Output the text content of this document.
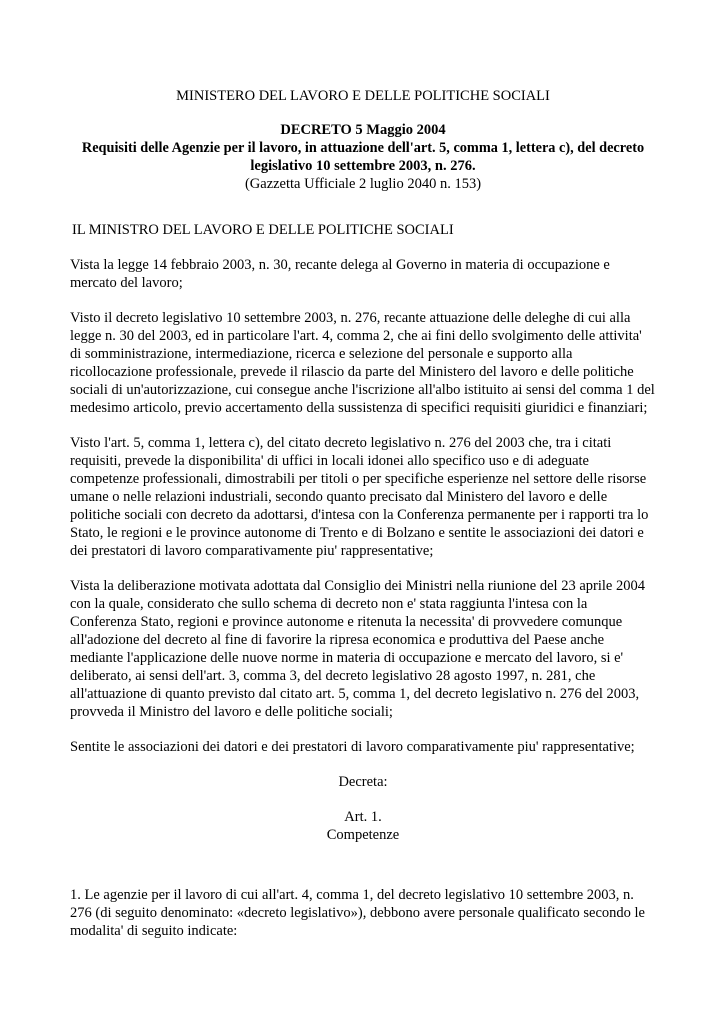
MINISTERO DEL LAVORO E DELLE POLITICHE SOCIALI
DECRETO 5 Maggio 2004
Requisiti delle Agenzie per il lavoro, in attuazione dell'art. 5, comma 1, lettera c), del decreto
legislativo 10 settembre 2003, n. 276.
(Gazzetta Ufficiale 2 luglio 2040 n. 153)

IL MINISTRO DEL LAVORO E DELLE POLITICHE SOCIALI

Vista la legge 14 febbraio 2003, n. 30, recante delega al Governo in materia di occupazione e mercato del lavoro;

Visto il decreto legislativo 10 settembre 2003, n. 276, recante attuazione delle deleghe di cui alla legge n. 30 del 2003, ed in particolare l'art. 4, comma 2, che ai fini dello svolgimento delle attivita' di somministrazione, intermediazione, ricerca e selezione del personale e supporto alla ricollocazione professionale, prevede il rilascio da parte del Ministero del lavoro e delle politiche sociali di un'autorizzazione, cui consegue anche l'iscrizione all'albo istituito ai sensi del comma 1 del medesimo articolo, previo accertamento della sussistenza di specifici requisiti giuridici e finanziari;

Visto l'art. 5, comma 1, lettera c), del citato decreto legislativo n. 276 del 2003 che, tra i citati requisiti, prevede la disponibilita' di uffici in locali idonei allo specifico uso e di adeguate competenze professionali, dimostrabili per titoli o per specifiche esperienze nel settore delle risorse umane o nelle relazioni industriali, secondo quanto precisato dal Ministero del lavoro e delle politiche sociali con decreto da adottarsi, d'intesa con la Conferenza permanente per i rapporti tra lo Stato, le regioni e le province autonome di Trento e di Bolzano e sentite le associazioni dei datori e dei prestatori di lavoro comparativamente piu' rappresentative;

Vista la deliberazione motivata adottata dal Consiglio dei Ministri nella riunione del 23 aprile 2004 con la quale, considerato che sullo schema di decreto non e' stata raggiunta l'intesa con la Conferenza Stato, regioni e province autonome e ritenuta la necessita' di provvedere comunque all'adozione del decreto al fine di favorire la ripresa economica e produttiva del Paese anche mediante l'applicazione delle nuove norme in materia di occupazione e mercato del lavoro, si e' deliberato, ai sensi dell'art. 3, comma 3, del decreto legislativo 28 agosto 1997, n. 281, che all'attuazione di quanto previsto dal citato art. 5, comma 1, del decreto legislativo n. 276 del 2003, provveda il Ministro del lavoro e delle politiche sociali;

Sentite le associazioni dei datori e dei prestatori di lavoro comparativamente piu' rappresentative;

Decreta:

Art. 1.
Competenze

1. Le agenzie per il lavoro di cui all'art. 4, comma 1, del decreto legislativo 10 settembre 2003, n. 276 (di seguito denominato: «decreto legislativo»), debbono avere personale qualificato secondo le modalita' di seguito indicate:
